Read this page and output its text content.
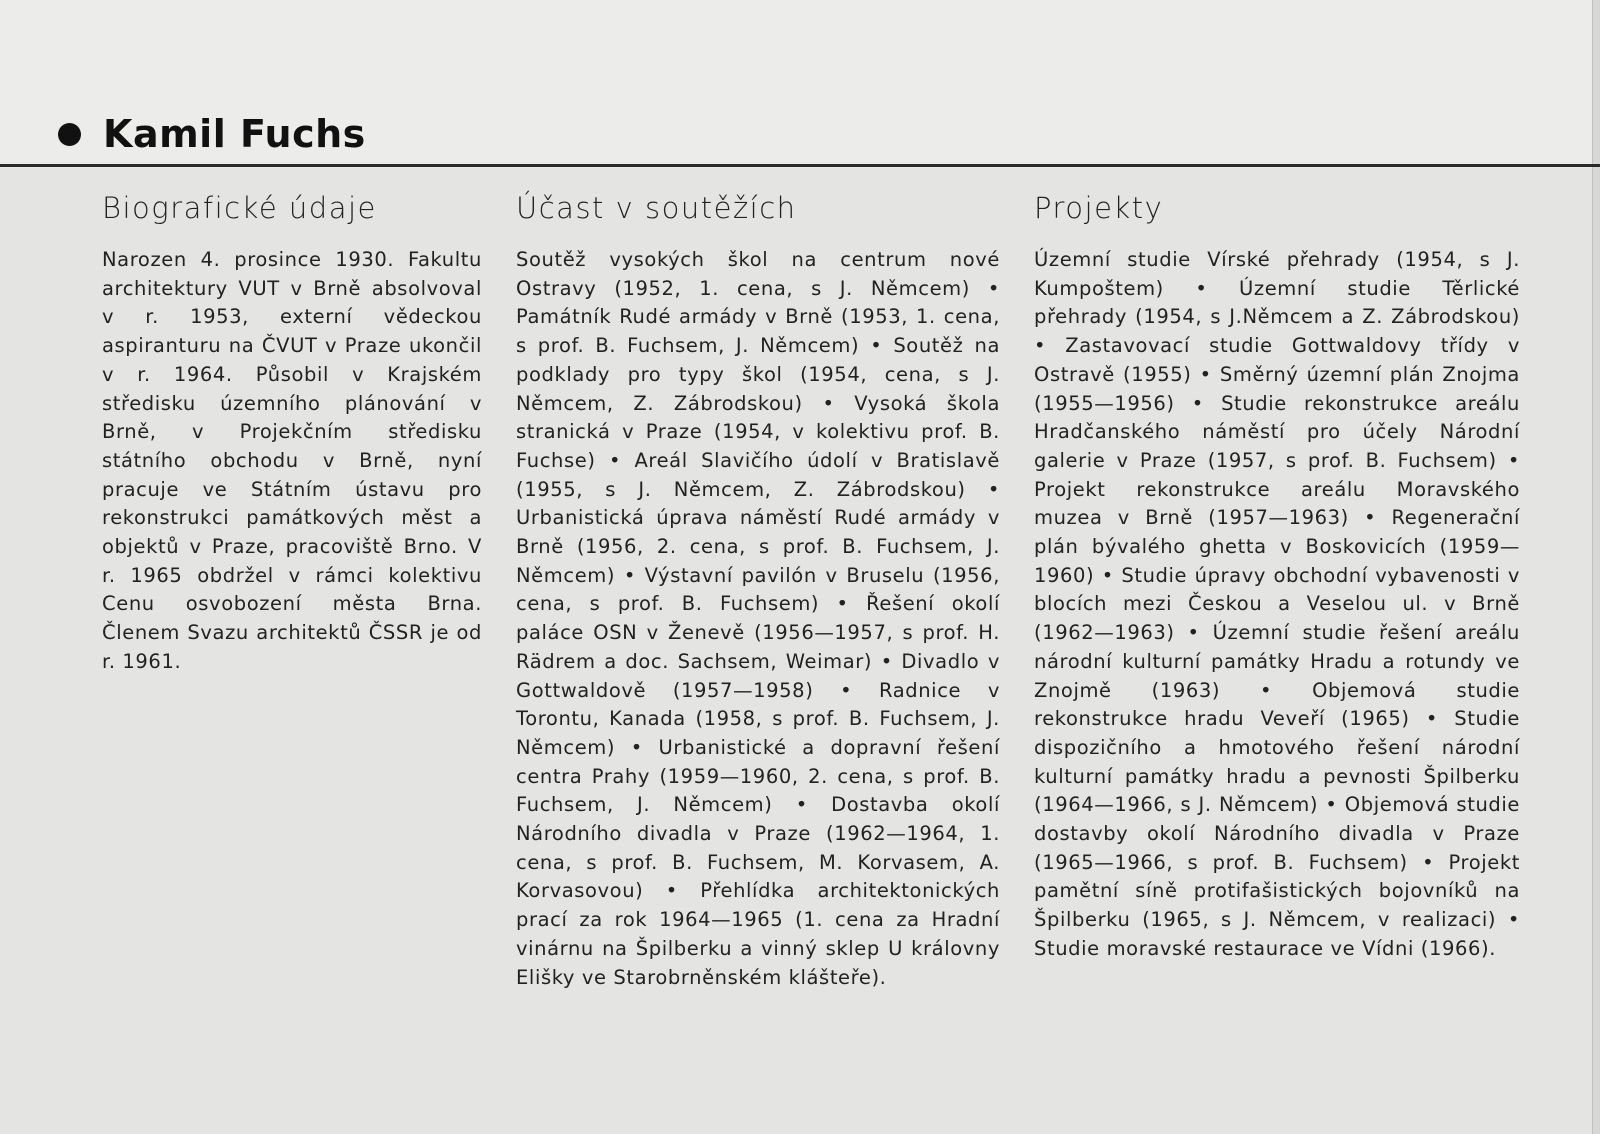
Kamil Fuchs
Biografické údaje
Narozen 4. prosince 1930. Fakultu architektury VUT v Brně absolvoval v r. 1953, externí vědeckou aspiranturu na ČVUT v Praze ukončil v r. 1964. Působil v Krajském středisku územního plánování v Brně, v Projekčním středisku státního obchodu v Brně, nyní pracuje ve Státním ústavu pro rekonstrukci památkových měst a objektů v Praze, pracoviště Brno. V r. 1965 obdržel v rámci kolektivu Cenu osvobození města Brna. Členem Svazu architektů ČSSR je od r. 1961.
Účast v soutěžích
Soutěž vysokých škol na centrum nové Ostravy (1952, 1. cena, s J. Němcem) • Památník Rudé armády v Brně (1953, 1. cena, s prof. B. Fuchsem, J. Němcem) • Soutěž na podklady pro typy škol (1954, cena, s J. Němcem, Z. Zábrodskou) • Vysoká škola stranická v Praze (1954, v kolektivu prof. B. Fuchse) • Areál Slavičího údolí v Bratislavě (1955, s J. Němcem, Z. Zábrodskou) • Urbanistická úprava náměstí Rudé armády v Brně (1956, 2. cena, s prof. B. Fuchsem, J. Němcem) • Výstavní pavilón v Bruselu (1956, cena, s prof. B. Fuchsem) • Řešení okolí paláce OSN v Ženevě (1956—1957, s prof. H. Rädrem a doc. Sachsem, Weimar) • Divadlo v Gottwaldově (1957—1958) • Radnice v Torontu, Kanada (1958, s prof. B. Fuchsem, J. Němcem) • Urbanistické a dopravní řešení centra Prahy (1959—1960, 2. cena, s prof. B. Fuchsem, J. Němcem) • Dostavba okolí Národního divadla v Praze (1962—1964, 1. cena, s prof. B. Fuchsem, M. Korvasem, A. Korvasovou) • Přehlídka architektonických prací za rok 1964—1965 (1. cena za Hradní vinárnu na Špilberku a vinný sklep U královny Elišky ve Starobrněnském klášteře).
Projekty
Územní studie Vírské přehrady (1954, s J. Kumpoštem) • Územní studie Těrlické přehrady (1954, s J.Němcem a Z. Zábrodskou) • Zastavovací studie Gottwaldovy třídy v Ostravě (1955) • Směrný územní plán Znojma (1955—1956) • Studie rekonstrukce areálu Hradčanského náměstí pro účely Národní galerie v Praze (1957, s prof. B. Fuchsem) • Projekt rekonstrukce areálu Moravského muzea v Brně (1957—1963) • Regenerační plán bývalého ghetta v Boskovicích (1959—1960) • Studie úpravy obchodní vybavenosti v blocích mezi Českou a Veselou ul. v Brně (1962—1963) • Územní studie řešení areálu národní kulturní památky Hradu a rotundy ve Znojmě (1963) • Objemová studie rekonstrukce hradu Veveří (1965) • Studie dispozičního a hmotového řešení národní kulturní památky hradu a pevnosti Špilberku (1964—1966, s J. Němcem) • Objemová studie dostavby okolí Národního divadla v Praze (1965—1966, s prof. B. Fuchsem) • Projekt pamětní síně protifašistických bojovníků na Špilberku (1965, s J. Němcem, v realizaci) • Studie moravské restaurace ve Vídni (1966).
